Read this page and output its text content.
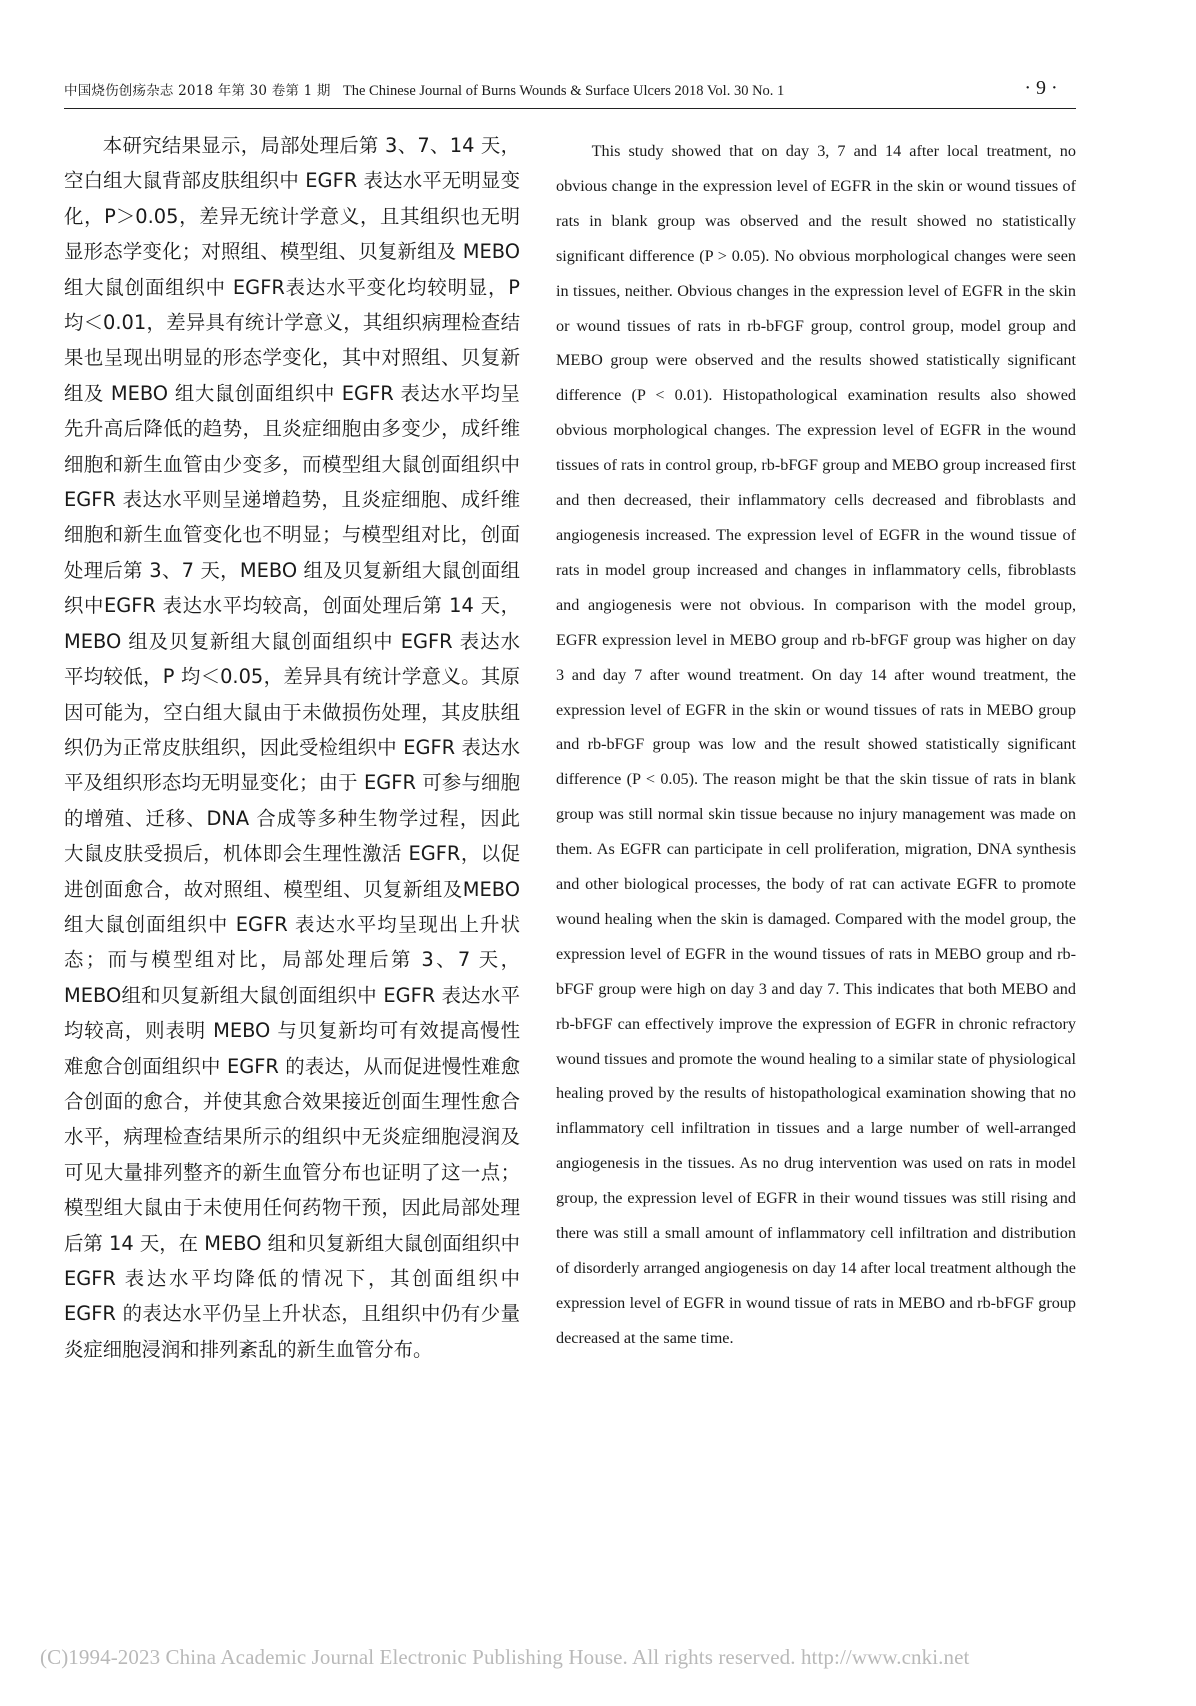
中国烧伤创疡杂志 2018 年第 30 卷第 1 期 The Chinese Journal of Burns Wounds & Surface Ulcers 2018 Vol. 30 No. 1	· 9 ·

本研究结果显示，局部处理后第 3、7、14 天，空白组大鼠背部皮肤组织中 EGFR 表达水平无明显变化，P＞0.05，差异无统计学意义，且其组织也无明显形态学变化；对照组、模型组、贝复新组及 MEBO 组大鼠创面组织中 EGFR表达水平变化均较明显，P 均＜0.01，差异具有统计学意义，其组织病理检查结果也呈现出明显的形态学变化，其中对照组、贝复新组及 MEBO 组大鼠创面组织中 EGFR 表达水平均呈先升高后降低的趋势，且炎症细胞由多变少，成纤维细胞和新生血管由少变多，而模型组大鼠创面组织中 EGFR 表达水平则呈递增趋势，且炎症细胞、成纤维细胞和新生血管变化也不明显；与模型组对比，创面处理后第 3、7 天，MEBO 组及贝复新组大鼠创面组织中EGFR 表达水平均较高，创面处理后第 14 天，MEBO 组及贝复新组大鼠创面组织中 EGFR 表达水平均较低，P 均＜0.05，差异具有统计学意义。其原因可能为，空白组大鼠由于未做损伤处理，其皮肤组织仍为正常皮肤组织，因此受检组织中 EGFR 表达水平及组织形态均无明显变化；由于 EGFR 可参与细胞的增殖、迁移、DNA 合成等多种生物学过程，因此大鼠皮肤受损后，机体即会生理性激活 EGFR，以促进创面愈合，故对照组、模型组、贝复新组及MEBO组大鼠创面组织中 EGFR 表达水平均呈现出上升状态；而与模型组对比，局部处理后第 3、7 天，MEBO组和贝复新组大鼠创面组织中 EGFR 表达水平均较高，则表明 MEBO 与贝复新均可有效提高慢性难愈合创面组织中 EGFR 的表达，从而促进慢性难愈合创面的愈合，并使其愈合效果接近创面生理性愈合水平，病理检查结果所示的组织中无炎症细胞浸润及可见大量排列整齐的新生血管分布也证明了这一点；模型组大鼠由于未使用任何药物干预，因此局部处理后第 14 天，在 MEBO 组和贝复新组大鼠创面组织中 EGFR 表达水平均降低的情况下，其创面组织中 EGFR 的表达水平仍呈上升状态，且组织中仍有少量炎症细胞浸润和排列紊乱的新生血管分布。

This study showed that on day 3, 7 and 14 after local treatment, no obvious change in the expression level of EGFR in the skin or wound tissues of rats in blank group was observed and the result showed no statistically significant difference (P > 0.05). No obvious morphological changes were seen in tissues, neither. Obvious changes in the expression level of EGFR in the skin or wound tissues of rats in rb-bFGF group, control group, model group and MEBO group were observed and the results showed statistically significant difference (P < 0.01). Histopathological examination results also showed obvious morphological changes. The expression level of EGFR in the wound tissues of rats in control group, rb-bFGF group and MEBO group increased first and then decreased, their inflammatory cells decreased and fibroblasts and angiogenesis increased. The expression level of EGFR in the wound tissue of rats in model group increased and changes in inflammatory cells, fibroblasts and angiogenesis were not obvious. In comparison with the model group, EGFR expression level in MEBO group and rb-bFGF group was higher on day 3 and day 7 after wound treatment. On day 14 after wound treatment, the expression level of EGFR in the skin or wound tissues of rats in MEBO group and rb-bFGF group was low and the result showed statistically significant difference (P < 0.05). The reason might be that the skin tissue of rats in blank group was still normal skin tissue because no injury management was made on them. As EGFR can participate in cell proliferation, migration, DNA synthesis and other biological processes, the body of rat can activate EGFR to promote wound healing when the skin is damaged. Compared with the model group, the expression level of EGFR in the wound tissues of rats in MEBO group and rb-bFGF group were high on day 3 and day 7. This indicates that both MEBO and rb-bFGF can effectively improve the expression of EGFR in chronic refractory wound tissues and promote the wound healing to a similar state of physiological healing proved by the results of histopathological examination showing that no inflammatory cell infiltration in tissues and a large number of well-arranged angiogenesis in the tissues. As no drug intervention was used on rats in model group, the expression level of EGFR in their wound tissues was still rising and there was still a small amount of inflammatory cell infiltration and distribution of disorderly arranged angiogenesis on day 14 after local treatment although the expression level of EGFR in wound tissue of rats in MEBO and rb-bFGF group decreased at the same time.

(C)1994-2023 China Academic Journal Electronic Publishing House. All rights reserved. http://www.cnki.net
